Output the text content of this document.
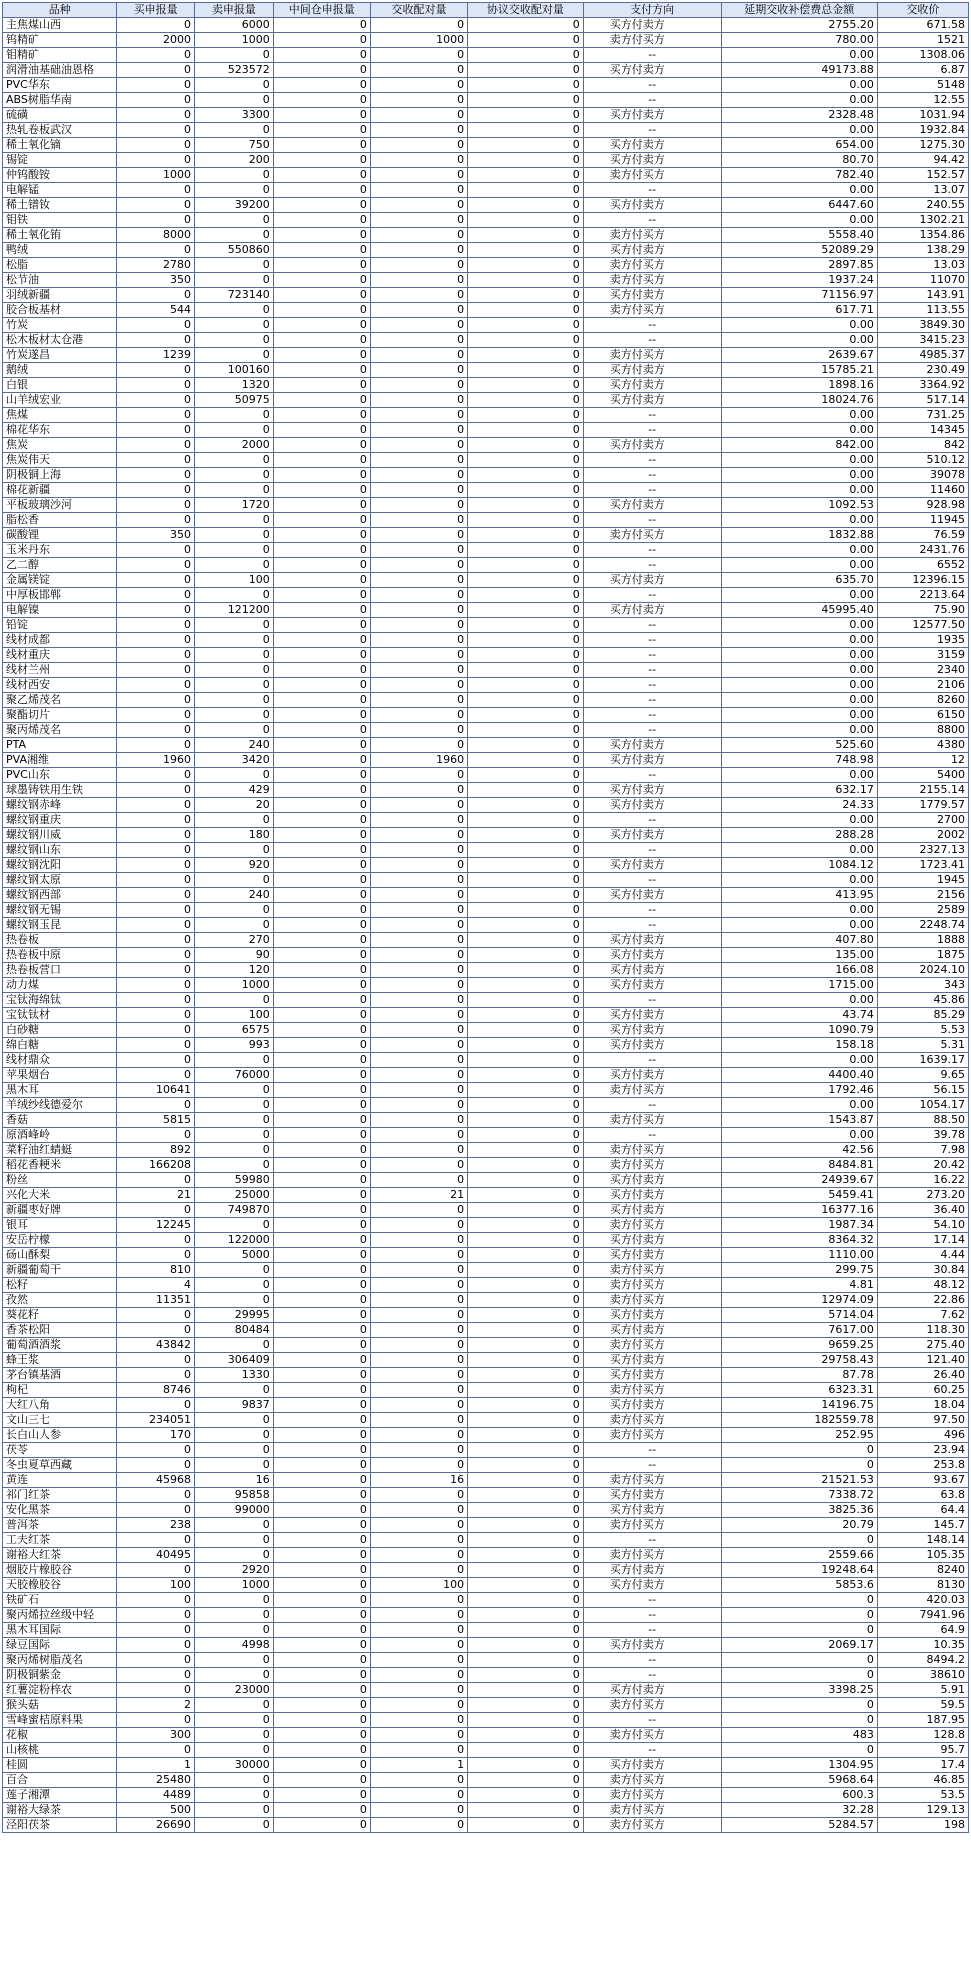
品种	买申报量	卖申报量	中间仓申报量	交收配对量	协议交收配对量	支付方向	延期交收补偿费总金额	交收价
主焦煤山西	0	6000	0	0	0	买方付卖方	2755.20	671.58
钨精矿	2000	1000	0	1000	0	卖方付买方	780.00	1521
钼精矿	0	0	0	0	0	--	0.00	1308.06
润滑油基础油恩格	0	523572	0	0	0	买方付卖方	49173.88	6.87
PVC华东	0	0	0	0	0	--	0.00	5148
ABS树脂华南	0	0	0	0	0	--	0.00	12.55
硫磺	0	3300	0	0	0	买方付卖方	2328.48	1031.94
热轧卷板武汉	0	0	0	0	0	--	0.00	1932.84
稀土氧化镝	0	750	0	0	0	买方付卖方	654.00	1275.30
锡锭	0	200	0	0	0	买方付卖方	80.70	94.42
仲钨酸铵	1000	0	0	0	0	卖方付买方	782.40	152.57
电解锰	0	0	0	0	0	--	0.00	13.07
稀土镨钕	0	39200	0	0	0	买方付卖方	6447.60	240.55
钼铁	0	0	0	0	0	--	0.00	1302.21
稀土氧化铕	8000	0	0	0	0	卖方付买方	5558.40	1354.86
鸭绒	0	550860	0	0	0	买方付卖方	52089.29	138.29
松脂	2780	0	0	0	0	卖方付买方	2897.85	13.03
松节油	350	0	0	0	0	卖方付买方	1937.24	11070
羽绒新疆	0	723140	0	0	0	买方付卖方	71156.97	143.91
胶合板基材	544	0	0	0	0	卖方付买方	617.71	113.55
竹炭	0	0	0	0	0	--	0.00	3849.30
松木板材太仓港	0	0	0	0	0	--	0.00	3415.23
竹炭遂昌	1239	0	0	0	0	卖方付买方	2639.67	4985.37
鹅绒	0	100160	0	0	0	买方付卖方	15785.21	230.49
白银	0	1320	0	0	0	买方付卖方	1898.16	3364.92
山羊绒宏业	0	50975	0	0	0	买方付卖方	18024.76	517.14
焦煤	0	0	0	0	0	--	0.00	731.25
棉花华东	0	0	0	0	0	--	0.00	14345
焦炭	0	2000	0	0	0	买方付卖方	842.00	842
焦炭伟天	0	0	0	0	0	--	0.00	510.12
阴极铜上海	0	0	0	0	0	--	0.00	39078
棉花新疆	0	0	0	0	0	--	0.00	11460
平板玻璃沙河	0	1720	0	0	0	买方付卖方	1092.53	928.98
脂松香	0	0	0	0	0	--	0.00	11945
碳酸锂	350	0	0	0	0	卖方付买方	1832.88	76.59
玉米丹东	0	0	0	0	0	--	0.00	2431.76
乙二醇	0	0	0	0	0	--	0.00	6552
金属镁锭	0	100	0	0	0	买方付卖方	635.70	12396.15
中厚板邯郸	0	0	0	0	0	--	0.00	2213.64
电解镍	0	121200	0	0	0	买方付卖方	45995.40	75.90
铅锭	0	0	0	0	0	--	0.00	12577.50
线材成都	0	0	0	0	0	--	0.00	1935
线材重庆	0	0	0	0	0	--	0.00	3159
线材兰州	0	0	0	0	0	--	0.00	2340
线材西安	0	0	0	0	0	--	0.00	2106
聚乙烯茂名	0	0	0	0	0	--	0.00	8260
聚酯切片	0	0	0	0	0	--	0.00	6150
聚丙烯茂名	0	0	0	0	0	--	0.00	8800
PTA	0	240	0	0	0	买方付卖方	525.60	4380
PVA湘维	1960	3420	0	1960	0	买方付卖方	748.98	12
PVC山东	0	0	0	0	0	--	0.00	5400
球墨铸铁用生铁	0	429	0	0	0	买方付卖方	632.17	2155.14
螺纹钢赤峰	0	20	0	0	0	买方付卖方	24.33	1779.57
螺纹钢重庆	0	0	0	0	0	--	0.00	2700
螺纹钢川威	0	180	0	0	0	买方付卖方	288.28	2002
螺纹钢山东	0	0	0	0	0	--	0.00	2327.13
螺纹钢沈阳	0	920	0	0	0	买方付卖方	1084.12	1723.41
螺纹钢太原	0	0	0	0	0	--	0.00	1945
螺纹钢西部	0	240	0	0	0	买方付卖方	413.95	2156
螺纹钢无锡	0	0	0	0	0	--	0.00	2589
螺纹钢玉昆	0	0	0	0	0	--	0.00	2248.74
热卷板	0	270	0	0	0	买方付卖方	407.80	1888
热卷板中原	0	90	0	0	0	买方付卖方	135.00	1875
热卷板营口	0	120	0	0	0	买方付卖方	166.08	2024.10
动力煤	0	1000	0	0	0	买方付卖方	1715.00	343
宝钛海绵钛	0	0	0	0	0	--	0.00	45.86
宝钛钛材	0	100	0	0	0	买方付卖方	43.74	85.29
白砂糖	0	6575	0	0	0	买方付卖方	1090.79	5.53
绵白糖	0	993	0	0	0	买方付卖方	158.18	5.31
线材鼎众	0	0	0	0	0	--	0.00	1639.17
苹果烟台	0	76000	0	0	0	买方付卖方	4400.40	9.65
黑木耳	10641	0	0	0	0	卖方付买方	1792.46	56.15
羊绒纱线德爱尔	0	0	0	0	0	--	0.00	1054.17
香菇	5815	0	0	0	0	卖方付买方	1543.87	88.50
原酒峰岭	0	0	0	0	0	--	0.00	39.78
菜籽油红蜻蜓	892	0	0	0	0	卖方付买方	42.56	7.98
稻花香粳米	166208	0	0	0	0	卖方付买方	8484.81	20.42
粉丝	0	59980	0	0	0	买方付卖方	24939.67	16.22
兴化大米	21	25000	0	21	0	买方付卖方	5459.41	273.20
新疆枣好牌	0	749870	0	0	0	买方付卖方	16377.16	36.40
银耳	12245	0	0	0	0	卖方付买方	1987.34	54.10
安岳柠檬	0	122000	0	0	0	买方付卖方	8364.32	17.14
砀山酥梨	0	5000	0	0	0	买方付卖方	1110.00	4.44
新疆葡萄干	810	0	0	0	0	卖方付买方	299.75	30.84
松籽	4	0	0	0	0	卖方付买方	4.81	48.12
孜然	11351	0	0	0	0	卖方付买方	12974.09	22.86
葵花籽	0	29995	0	0	0	买方付卖方	5714.04	7.62
香茶松阳	0	80484	0	0	0	买方付卖方	7617.00	118.30
葡萄酒酒浆	43842	0	0	0	0	卖方付买方	9659.25	275.40
蜂王浆	0	306409	0	0	0	买方付卖方	29758.43	121.40
茅台镇基酒	0	1330	0	0	0	买方付卖方	87.78	26.40
枸杞	8746	0	0	0	0	卖方付买方	6323.31	60.25
大红八角	0	9837	0	0	0	买方付卖方	14196.75	18.04
文山三七	234051	0	0	0	0	卖方付买方	182559.78	97.50
长白山人参	170	0	0	0	0	卖方付买方	252.95	496
茯苓	0	0	0	0	0	--	0	23.94
冬虫夏草西藏	0	0	0	0	0	--	0	253.8
黄连	45968	16	0	16	0	卖方付买方	21521.53	93.67
祁门红茶	0	95858	0	0	0	买方付卖方	7338.72	63.8
安化黑茶	0	99000	0	0	0	买方付卖方	3825.36	64.4
普洱茶	238	0	0	0	0	卖方付买方	20.79	145.7
工夫红茶	0	0	0	0	0	--	0	148.14
谢裕大红茶	40495	0	0	0	0	卖方付买方	2559.66	105.35
烟胶片橡胶谷	0	2920	0	0	0	买方付卖方	19248.64	8240
天胶橡胶谷	100	1000	0	100	0	买方付卖方	5853.6	8130
铁矿石	0	0	0	0	0	--	0	420.03
聚丙烯拉丝级中轻	0	0	0	0	0	--	0	7941.96
黑木耳国际	0	0	0	0	0	--	0	64.9
绿豆国际	0	4998	0	0	0	买方付卖方	2069.17	10.35
聚丙烯树脂茂名	0	0	0	0	0	--	0	8494.2
阴极铜紫金	0	0	0	0	0	--	0	38610
红薯淀粉梓农	0	23000	0	0	0	买方付卖方	3398.25	5.91
猴头菇	2	0	0	0	0	卖方付买方	0	59.5
雪峰蜜桔原料果	0	0	0	0	0	--	0	187.95
花椒	300	0	0	0	0	卖方付买方	483	128.8
山核桃	0	0	0	0	0	--	0	95.7
桂圆	1	30000	0	1	0	买方付卖方	1304.95	17.4
百合	25480	0	0	0	0	卖方付买方	5968.64	46.85
莲子湘潭	4489	0	0	0	0	卖方付买方	600.3	53.5
谢裕大绿茶	500	0	0	0	0	卖方付买方	32.28	129.13
泾阳茯茶	26690	0	0	0	0	卖方付买方	5284.57	198
